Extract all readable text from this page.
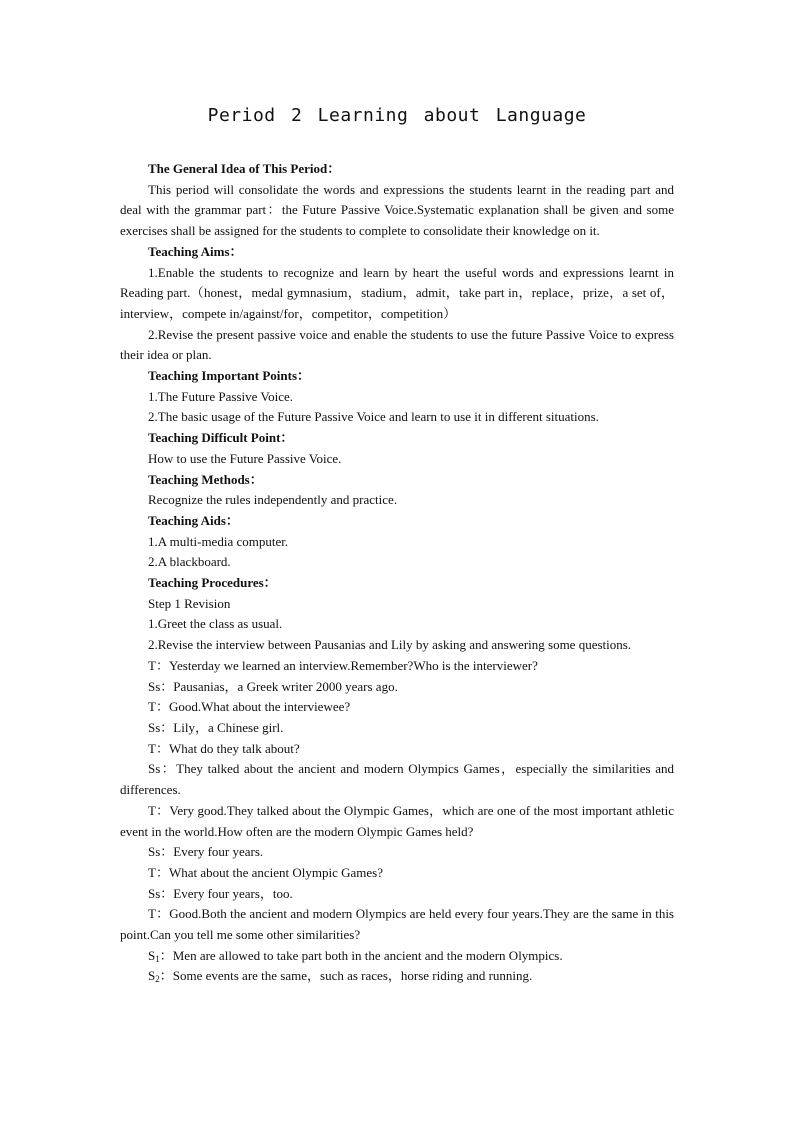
Period 2 Learning about Language

The General Idea of This Period：

This period will consolidate the words and expressions the students learnt in the reading part and deal with the grammar part：the Future Passive Voice.Systematic explanation shall be given and some exercises shall be assigned for the students to complete to consolidate their knowledge on it.

Teaching Aims：

1.Enable the students to recognize and learn by heart the useful words and expressions learnt in Reading part.（honest，medal gymnasium，stadium，admit，take part in，replace，prize，a set of，interview，compete in/against/for，competitor，competition）

2.Revise the present passive voice and enable the students to use the future Passive Voice to express their idea or plan.

Teaching Important Points：

1.The Future Passive Voice.

2.The basic usage of the Future Passive Voice and learn to use it in different situations.

Teaching Difficult Point：

How to use the Future Passive Voice.

Teaching Methods：

Recognize the rules independently and practice.

Teaching Aids：

1.A multi-media computer.

2.A blackboard.

Teaching Procedures：

Step 1 Revision

1.Greet the class as usual.

2.Revise the interview between Pausanias and Lily by asking and answering some questions.

T：Yesterday we learned an interview.Remember?Who is the interviewer?

Ss：Pausanias，a Greek writer 2000 years ago.

T：Good.What about the interviewee?

Ss：Lily，a Chinese girl.

T：What do they talk about?

Ss：They talked about the ancient and modern Olympics Games，especially the similarities and differences.

T：Very good.They talked about the Olympic Games，which are one of the most important athletic event in the world.How often are the modern Olympic Games held?

Ss：Every four years.

T：What about the ancient Olympic Games?

Ss：Every four years，too.

T：Good.Both the ancient and modern Olympics are held every four years.They are the same in this point.Can you tell me some other similarities?

$S_1$：Men are allowed to take part both in the ancient and the modern Olympics.

$S_2$：Some events are the same，such as races，horse riding and running.
